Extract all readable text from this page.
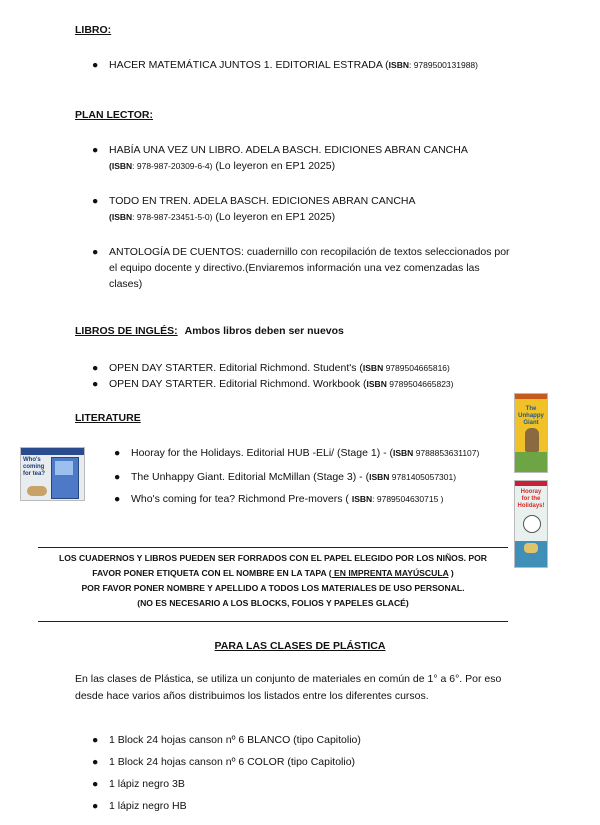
LIBRO:
● HACER MATEMÁTICA JUNTOS 1. EDITORIAL ESTRADA (ISBN: 9789500131988)
PLAN LECTOR:
● HABÍA UNA VEZ UN LIBRO. ADELA BASCH. EDICIONES ABRAN CANCHA
(ISBN: 978-987-20309-6-4) (Lo leyeron en EP1 2025)
● TODO EN TREN. ADELA BASCH. EDICIONES ABRAN CANCHA
(ISBN: 978-987-23451-5-0) (Lo leyeron en EP1 2025)
● ANTOLOGÍA DE CUENTOS: cuadernillo con recopilación de textos seleccionados por
el equipo docente y directivo.(Enviaremos información una vez comenzadas las
clases)
LIBROS DE INGLÉS: Ambos libros deben ser nuevos
● OPEN DAY STARTER. Editorial Richmond. Student's (ISBN 9789504665816)
● OPEN DAY STARTER. Editorial Richmond. Workbook (ISBN 9789504665823)
LITERATURE
● Hooray for the Holidays. Editorial HUB -ELi/ (Stage 1) - (ISBN 9788853631107)
● The Unhappy Giant. Editorial McMillan (Stage 3) - (ISBN 9781405057301)
● Who's coming for tea? Richmond Pre-movers ( ISBN: 9789504630715 )
Who's coming for tea?
The Unhappy Giant
Hooray for the Holidays!
LOS CUADERNOS Y LIBROS PUEDEN SER FORRADOS CON EL PAPEL ELEGIDO POR LOS NIÑOS. POR
FAVOR PONER ETIQUETA CON EL NOMBRE EN LA TAPA ( EN IMPRENTA MAYÚSCULA )
POR FAVOR PONER NOMBRE Y APELLIDO A TODOS LOS MATERIALES DE USO PERSONAL.
(NO ES NECESARIO A LOS BLOCKS, FOLIOS Y PAPELES GLACÉ)
PARA LAS CLASES DE PLÁSTICA
En las clases de Plástica, se utiliza un conjunto de materiales en común de 1° a 6°. Por eso
desde hace varios años distribuimos los listados entre los diferentes cursos.
● 1 Block 24 hojas canson nº 6 BLANCO (tipo Capitolio)
● 1 Block 24 hojas canson nº 6 COLOR (tipo Capitolio)
● 1 lápiz negro 3B
● 1 lápiz negro HB
